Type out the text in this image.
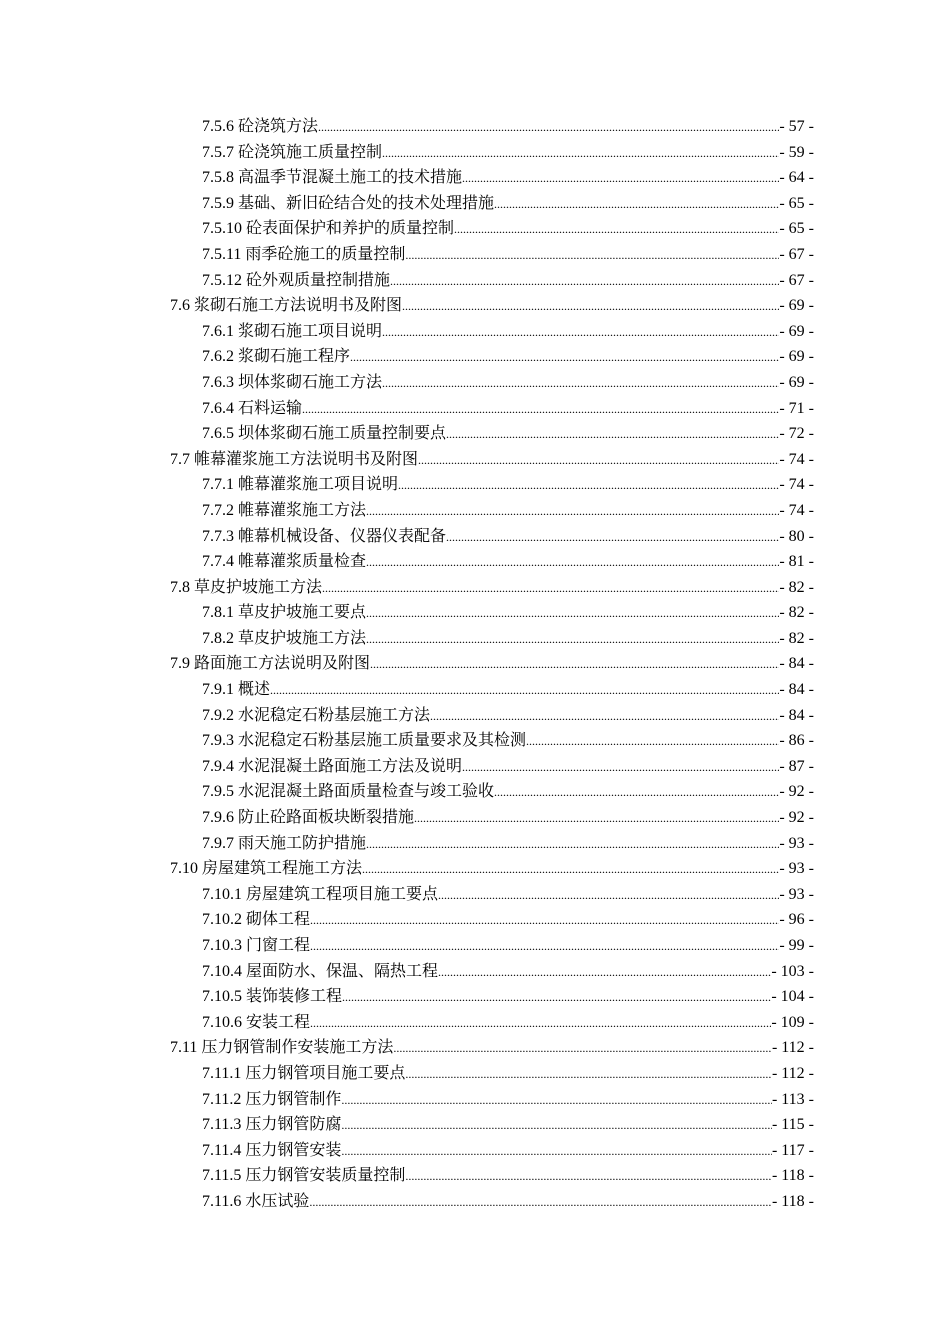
7.5.6 砼浇筑方法 .....	- 57 -
7.5.7 砼浇筑施工质量控制 .....	- 59 -
7.5.8 高温季节混凝土施工的技术措施 .....	- 64 -
7.5.9 基础、新旧砼结合处的技术处理措施 .....	- 65 -
7.5.10 砼表面保护和养护的质量控制 .....	- 65 -
7.5.11 雨季砼施工的质量控制 .....	- 67 -
7.5.12 砼外观质量控制措施 .....	- 67 -
7.6 浆砌石施工方法说明书及附图 .....	- 69 -
7.6.1 浆砌石施工项目说明 .....	- 69 -
7.6.2 浆砌石施工程序 .....	- 69 -
7.6.3 坝体浆砌石施工方法 .....	- 69 -
7.6.4 石料运输 .....	- 71 -
7.6.5 坝体浆砌石施工质量控制要点 .....	- 72 -
7.7 帷幕灌浆施工方法说明书及附图 .....	- 74 -
7.7.1 帷幕灌浆施工项目说明 .....	- 74 -
7.7.2 帷幕灌浆施工方法 .....	- 74 -
7.7.3 帷幕机械设备、仪器仪表配备 .....	- 80 -
7.7.4 帷幕灌浆质量检查 .....	- 81 -
7.8 草皮护坡施工方法 .....	- 82 -
7.8.1 草皮护坡施工要点 .....	- 82 -
7.8.2 草皮护坡施工方法 .....	- 82 -
7.9 路面施工方法说明及附图 .....	- 84 -
7.9.1 概述 .....	- 84 -
7.9.2 水泥稳定石粉基层施工方法 .....	- 84 -
7.9.3 水泥稳定石粉基层施工质量要求及其检测 .....	- 86 -
7.9.4 水泥混凝土路面施工方法及说明 .....	- 87 -
7.9.5 水泥混凝土路面质量检查与竣工验收 .....	- 92 -
7.9.6 防止砼路面板块断裂措施 .....	- 92 -
7.9.7 雨天施工防护措施 .....	- 93 -
7.10 房屋建筑工程施工方法 .....	- 93 -
7.10.1 房屋建筑工程项目施工要点 .....	- 93 -
7.10.2 砌体工程 .....	- 96 -
7.10.3 门窗工程 .....	- 99 -
7.10.4 屋面防水、保温、隔热工程 .....	- 103 -
7.10.5 装饰装修工程 .....	- 104 -
7.10.6 安装工程 .....	- 109 -
7.11 压力钢管制作安装施工方法 .....	- 112 -
7.11.1 压力钢管项目施工要点 .....	- 112 -
7.11.2 压力钢管制作 .....	- 113 -
7.11.3 压力钢管防腐 .....	- 115 -
7.11.4 压力钢管安装 .....	- 117 -
7.11.5 压力钢管安装质量控制 .....	- 118 -
7.11.6 水压试验 .....	- 118 -
